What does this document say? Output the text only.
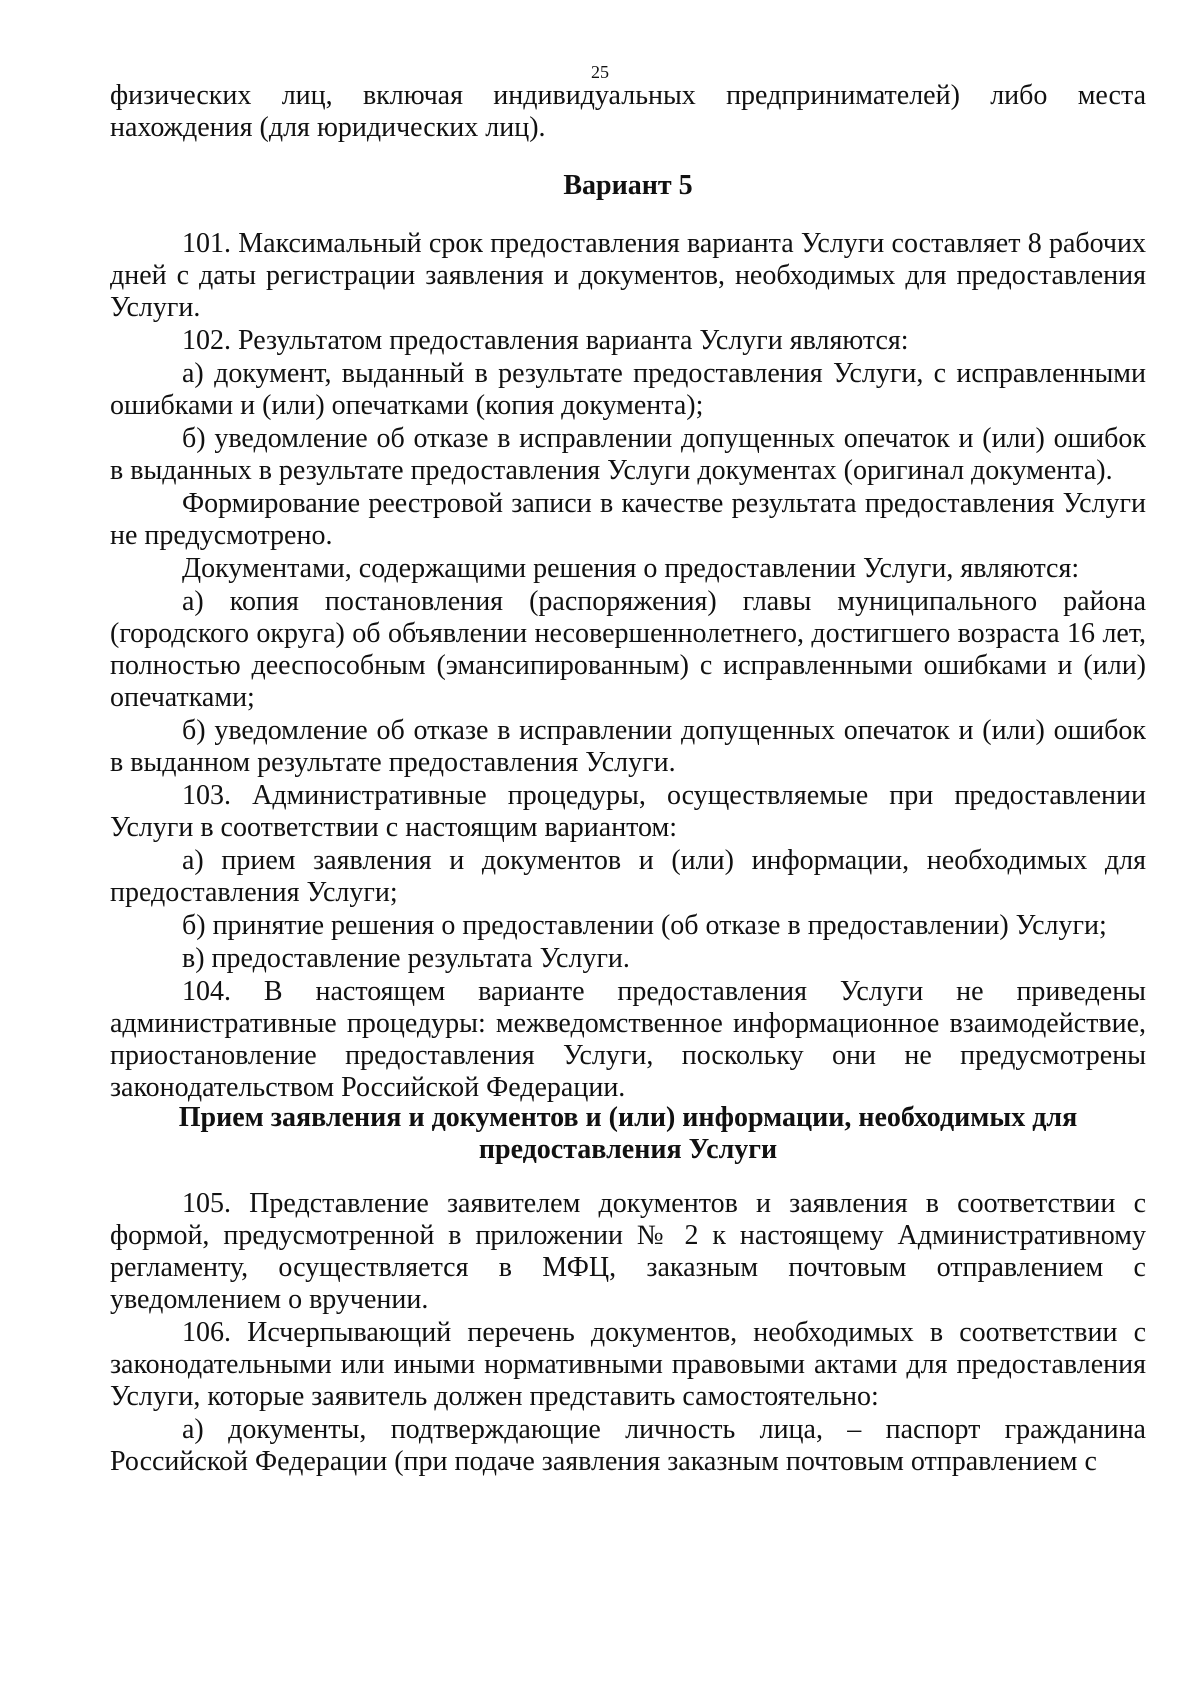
25

физических лиц, включая индивидуальных предпринимателей) либо места нахождения (для юридических лиц).

Вариант 5

101. Максимальный срок предоставления варианта Услуги составляет 8 рабочих дней с даты регистрации заявления и документов, необходимых для предоставления Услуги.

102. Результатом предоставления варианта Услуги являются:

а) документ, выданный в результате предоставления Услуги, с исправленными ошибками и (или) опечатками (копия документа);

б) уведомление об отказе в исправлении допущенных опечаток и (или) ошибок в выданных в результате предоставления Услуги документах (оригинал документа).

Формирование реестровой записи в качестве результата предоставления Услуги не предусмотрено.

Документами, содержащими решения о предоставлении Услуги, являются:

а) копия постановления (распоряжения) главы муниципального района (городского округа) об объявлении несовершеннолетнего, достигшего возраста 16 лет, полностью дееспособным (эмансипированным) с исправленными ошибками и (или) опечатками;

б) уведомление об отказе в исправлении допущенных опечаток и (или) ошибок в выданном результате предоставления Услуги.

103. Административные процедуры, осуществляемые при предоставлении Услуги в соответствии с настоящим вариантом:

а) прием заявления и документов и (или) информации, необходимых для предоставления Услуги;

б) принятие решения о предоставлении (об отказе в предоставлении) Услуги;

в) предоставление результата Услуги.

104. В настоящем варианте предоставления Услуги не приведены административные процедуры: межведомственное информационное взаимодействие, приостановление предоставления Услуги, поскольку они не предусмотрены законодательством Российской Федерации.

Прием заявления и документов и (или) информации, необходимых для

предоставления Услуги

105. Представление заявителем документов и заявления в соответствии с формой, предусмотренной в приложении № 2 к настоящему Административному регламенту, осуществляется в МФЦ, заказным почтовым отправлением с уведомлением о вручении.

106. Исчерпывающий перечень документов, необходимых в соответствии с законодательными или иными нормативными правовыми актами для предоставления Услуги, которые заявитель должен представить самостоятельно:

а) документы, подтверждающие личность лица, – паспорт гражданина Российской Федерации (при подаче заявления заказным почтовым отправлением с
